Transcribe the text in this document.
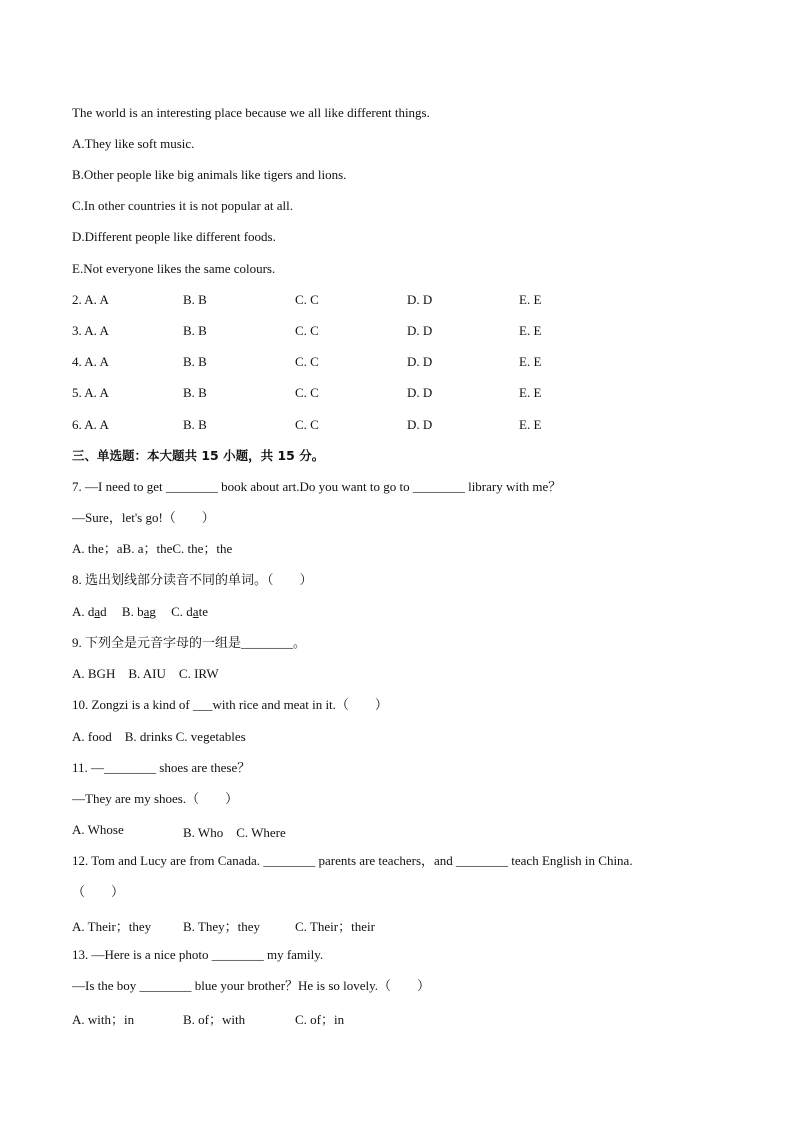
The world is an interesting place because we all like different things.
A.They like soft music.
B.Other people like big animals like tigers and lions.
C.In other countries it is not popular at all.
D.Different people like different foods.
E.Not everyone likes the same colours.
2. A. A	B. B	C. C	D. D	E. E
3. A. A	B. B	C. C	D. D	E. E
4. A. A	B. B	C. C	D. D	E. E
5. A. A	B. B	C. C	D. D	E. E
6. A. A	B. B	C. C	D. D	E. E
三、单选题：本大题共 15 小题，共 15 分。
7. —I need to get ________ book about art.Do you want to go to ________ library with me？
—Sure，let's go!（　　）
A. the；aB. a；theC. the；the
8. 选出划线部分读音不同的单词。（　　）
A. dad B. bag C. date
9. 下列全是元音字母的一组是________。
A. BGH　B. AIU　C. IRW
10. Zongzi is a kind of ___with rice and meat in it.（　　）
A. food　B. drinks C. vegetables
11. —________ shoes are these？
—They are my shoes.（　　）
A. Whose	B. Who　C. Where
12. Tom and Lucy are from Canada. ________ parents are teachers，and ________ teach English in China.
（　　）
A. Their；they B. They；they	C. Their；their
13. —Here is a nice photo ________ my family.
—Is the boy ________ blue your brother？He is so lovely.（　　）
A. with；in	B. of；with	C. of；in
